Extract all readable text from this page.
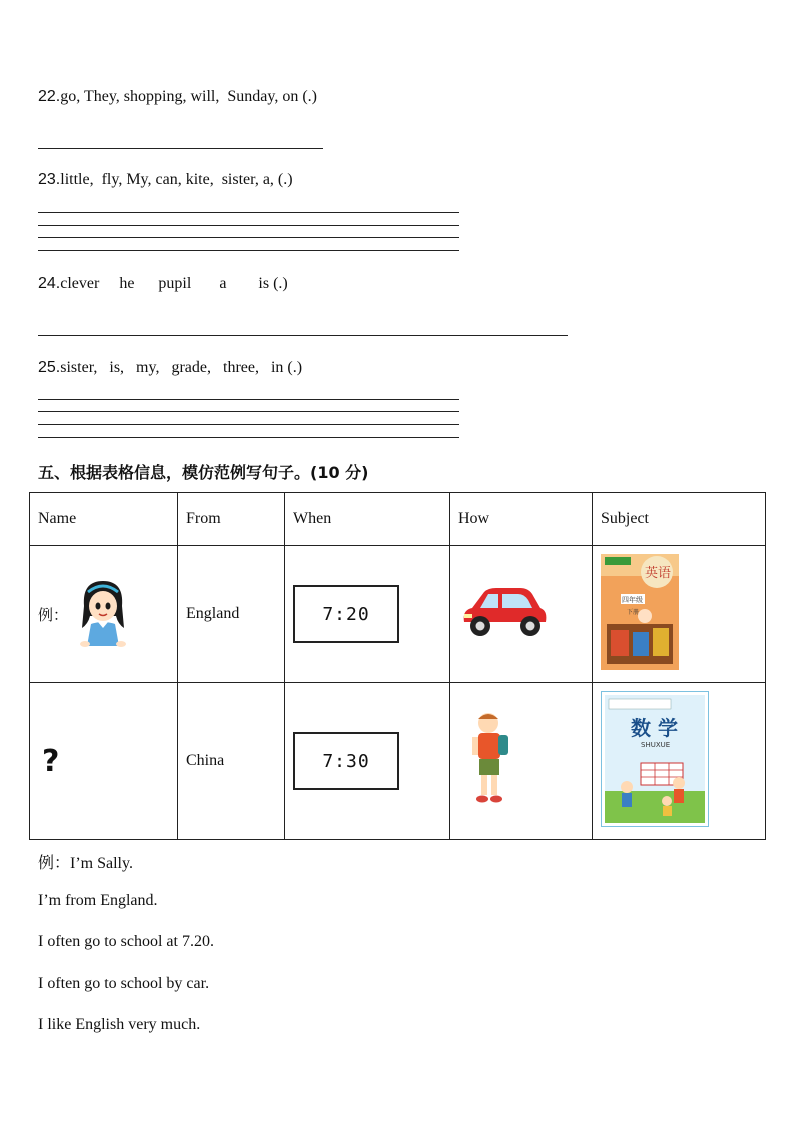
22.go, They, shopping, will,  Sunday, on (.)
23.little,  fly, My, can, kite,  sister, a, (.)
24.clever     he      pupil       a        is (.)
25.sister,   is,   my,   grade,   three,   in (.)
五、根据表格信息，模仿范例写句子。(10 分)
Name	From	When	How	Subject

例：	England	7:20		英语
四年级
下册

?	China	7:30		数 学
SHUXUE
例：I’m Sally.
I’m from England.
I often go to school at 7.20.
I often go to school by car.
I like English very much.
